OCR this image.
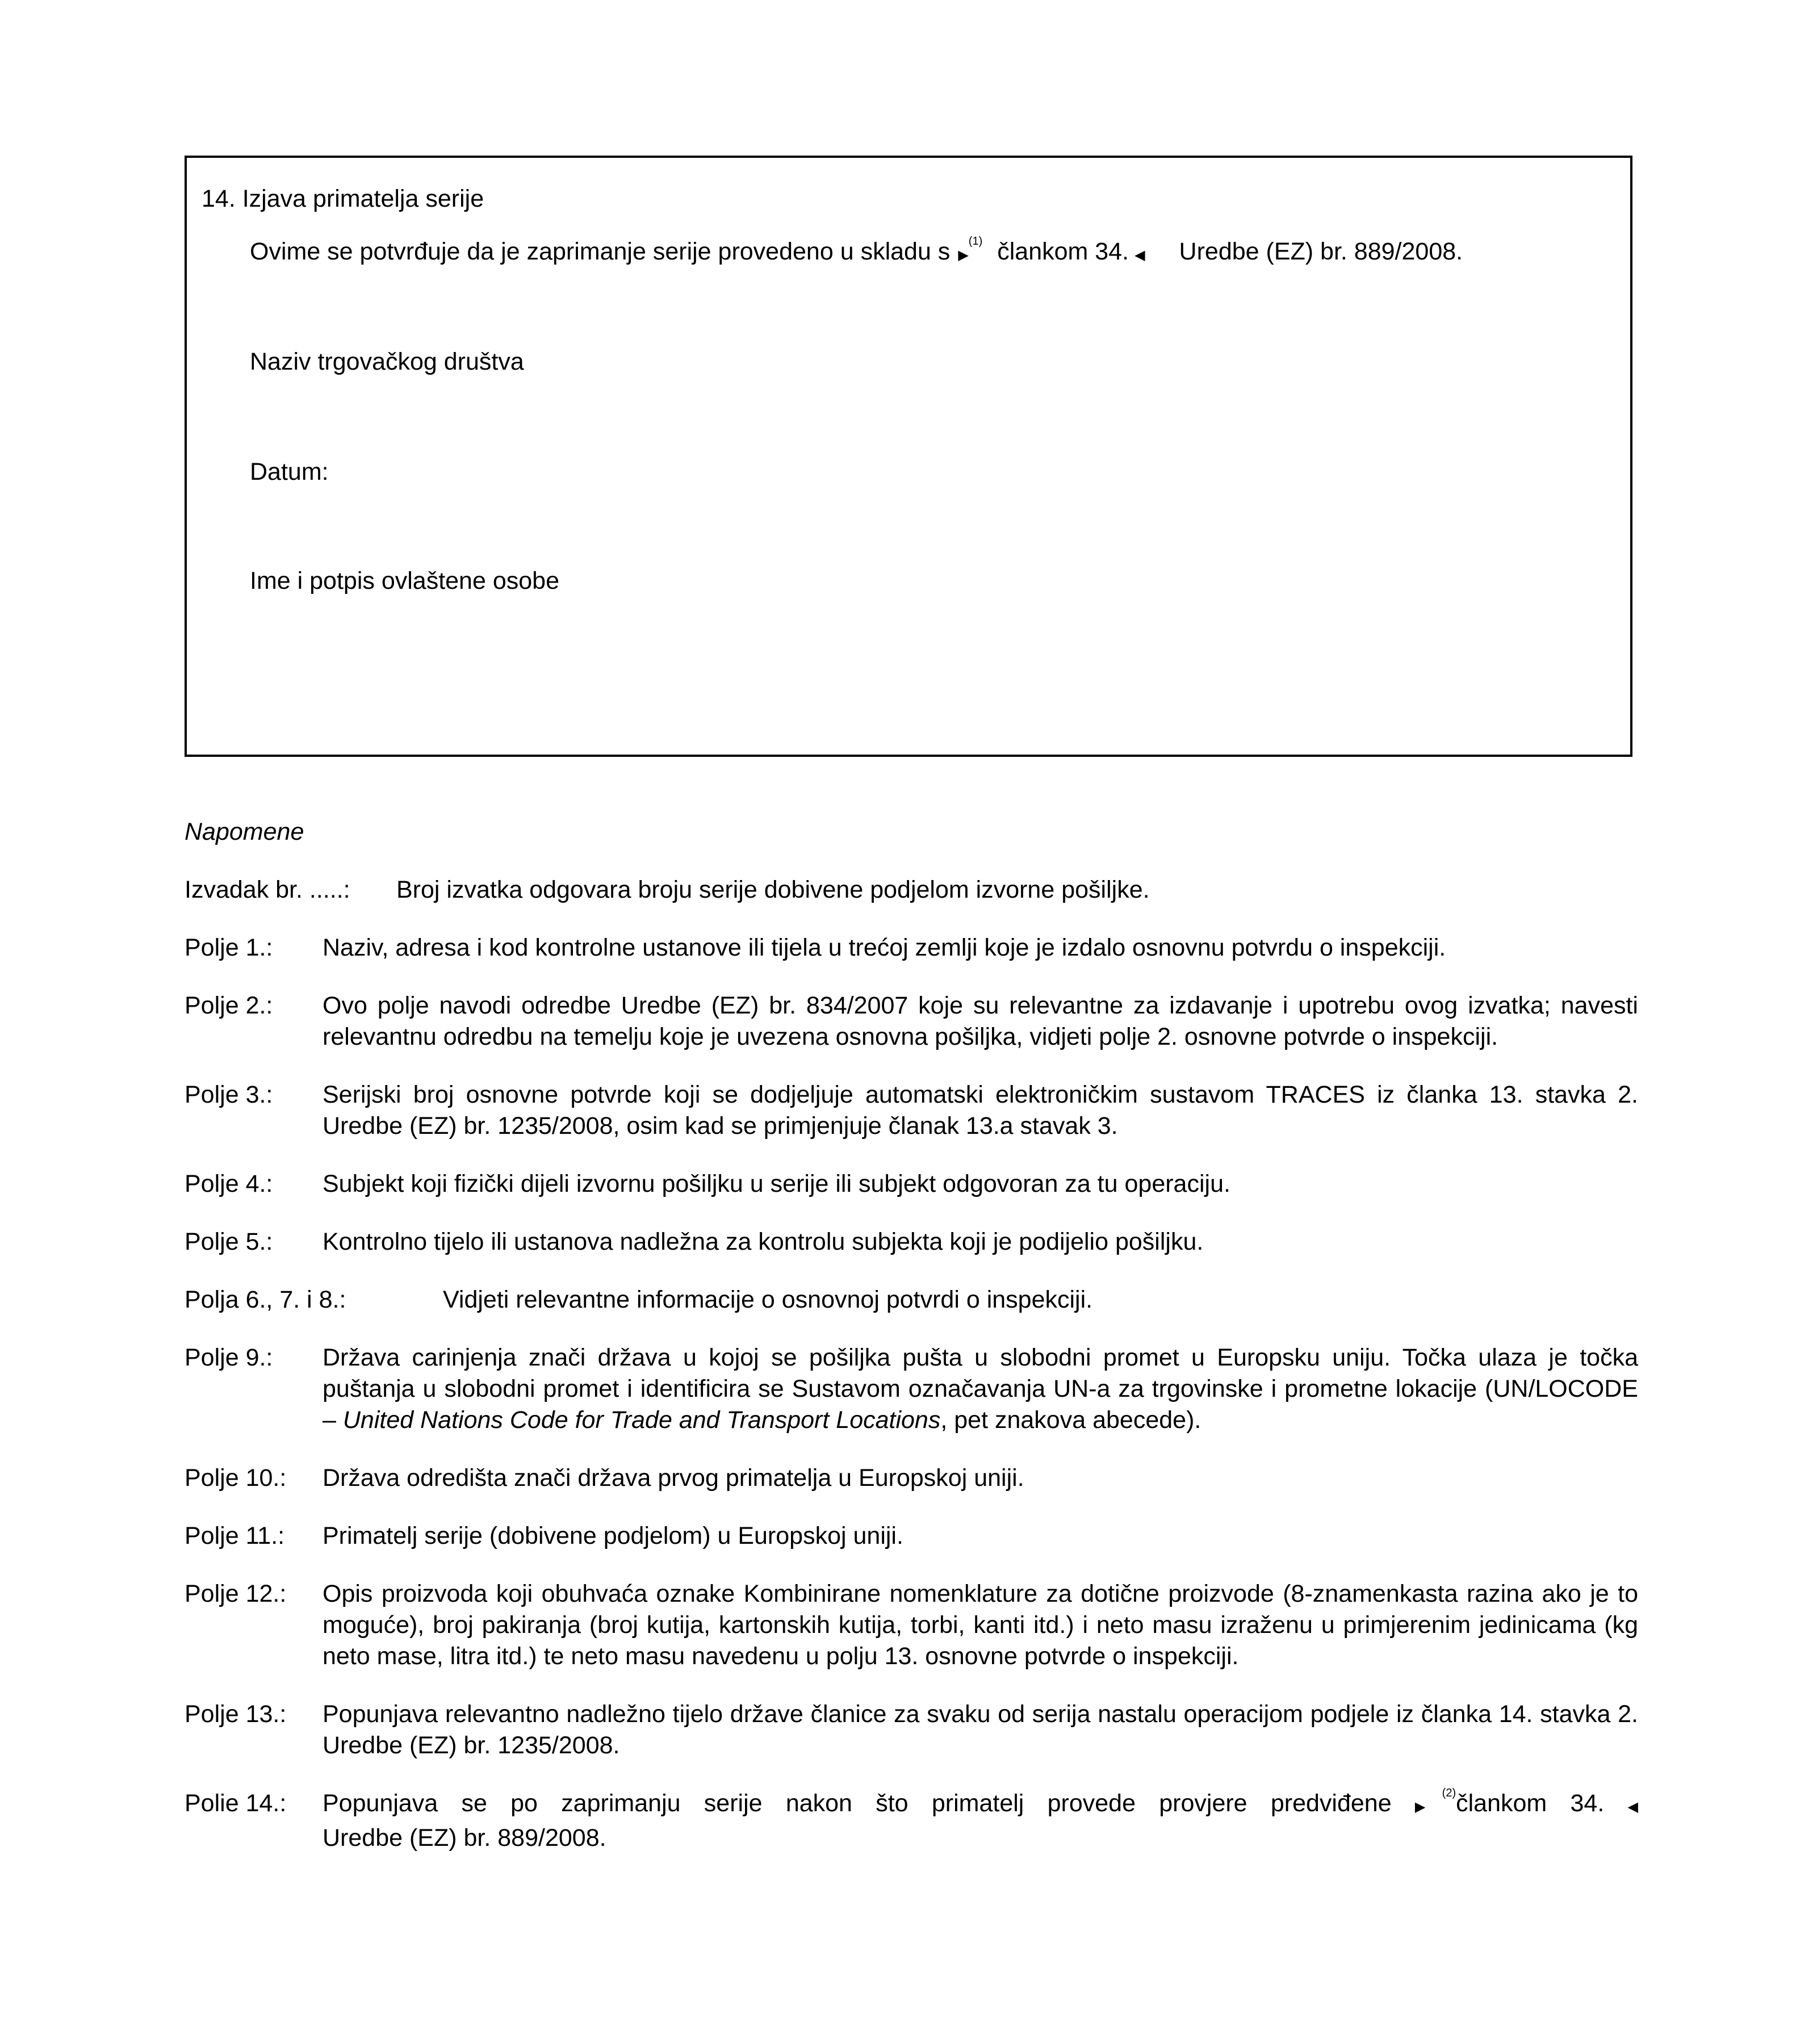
14. Izjava primatelja serije
Ovime se potvrđuje da je zaprimanje serije provedeno u skladu s ▶$^{(1)}$ člankom 34. ◀ Uredbe (EZ) br. 889/2008.
Naziv trgovačkog društva
Datum:
Ime i potpis ovlaštene osobe
Napomene
Izvadak br. .....: Broj izvatka odgovara broju serije dobivene podjelom izvorne pošiljke.
Polje 1.: Naziv, adresa i kod kontrolne ustanove ili tijela u trećoj zemlji koje je izdalo osnovnu potvrdu o inspekciji.
Polje 2.: Ovo polje navodi odredbe Uredbe (EZ) br. 834/2007 koje su relevantne za izdavanje i upotrebu ovog izvatka; navesti relevantnu odredbu na temelju koje je uvezena osnovna pošiljka, vidjeti polje 2. osnovne potvrde o inspekciji.
Polje 3.: Serijski broj osnovne potvrde koji se dodjeljuje automatski elektroničkim sustavom TRACES iz članka 13. stavka 2. Uredbe (EZ) br. 1235/2008, osim kad se primjenjuje članak 13.a stavak 3.
Polje 4.: Subjekt koji fizički dijeli izvornu pošiljku u serije ili subjekt odgovoran za tu operaciju.
Polje 5.: Kontrolno tijelo ili ustanova nadležna za kontrolu subjekta koji je podijelio pošiljku.
Polja 6., 7. i 8.:	Vidjeti relevantne informacije o osnovnoj potvrdi o inspekciji.
Polje 9.: Država carinjenja znači država u kojoj se pošiljka pušta u slobodni promet u Europsku uniju. Točka ulaza je točka puštanja u slobodni promet i identificira se Sustavom označavanja UN-a za trgovinske i prometne lokacije (UN/LOCODE – United Nations Code for Trade and Transport Locations, pet znakova abecede).
Polje 10.: Država odredišta znači država prvog primatelja u Europskoj uniji.
Polje 11.: Primatelj serije (dobivene podjelom) u Europskoj uniji.
Polje 12.: Opis proizvoda koji obuhvaća oznake Kombinirane nomenklature za dotične proizvode (8-znamenkasta razina ako je to moguće), broj pakiranja (broj kutija, kartonskih kutija, torbi, kanti itd.) i neto masu izraženu u primjerenim jedinicama (kg neto mase, litra itd.) te neto masu navedenu u polju 13. osnovne potvrde o inspekciji.
Polje 13.: Popunjava relevantno nadležno tijelo države članice za svaku od serija nastalu operacijom podjele iz članka 14. stavka 2. Uredbe (EZ) br. 1235/2008.
Polie 14.: Popunjava se po zaprimanju serije nakon što primatelj provede provjere predviđene ▶$^{(2)}$člankom 34. ◀ Uredbe (EZ) br. 889/2008.
